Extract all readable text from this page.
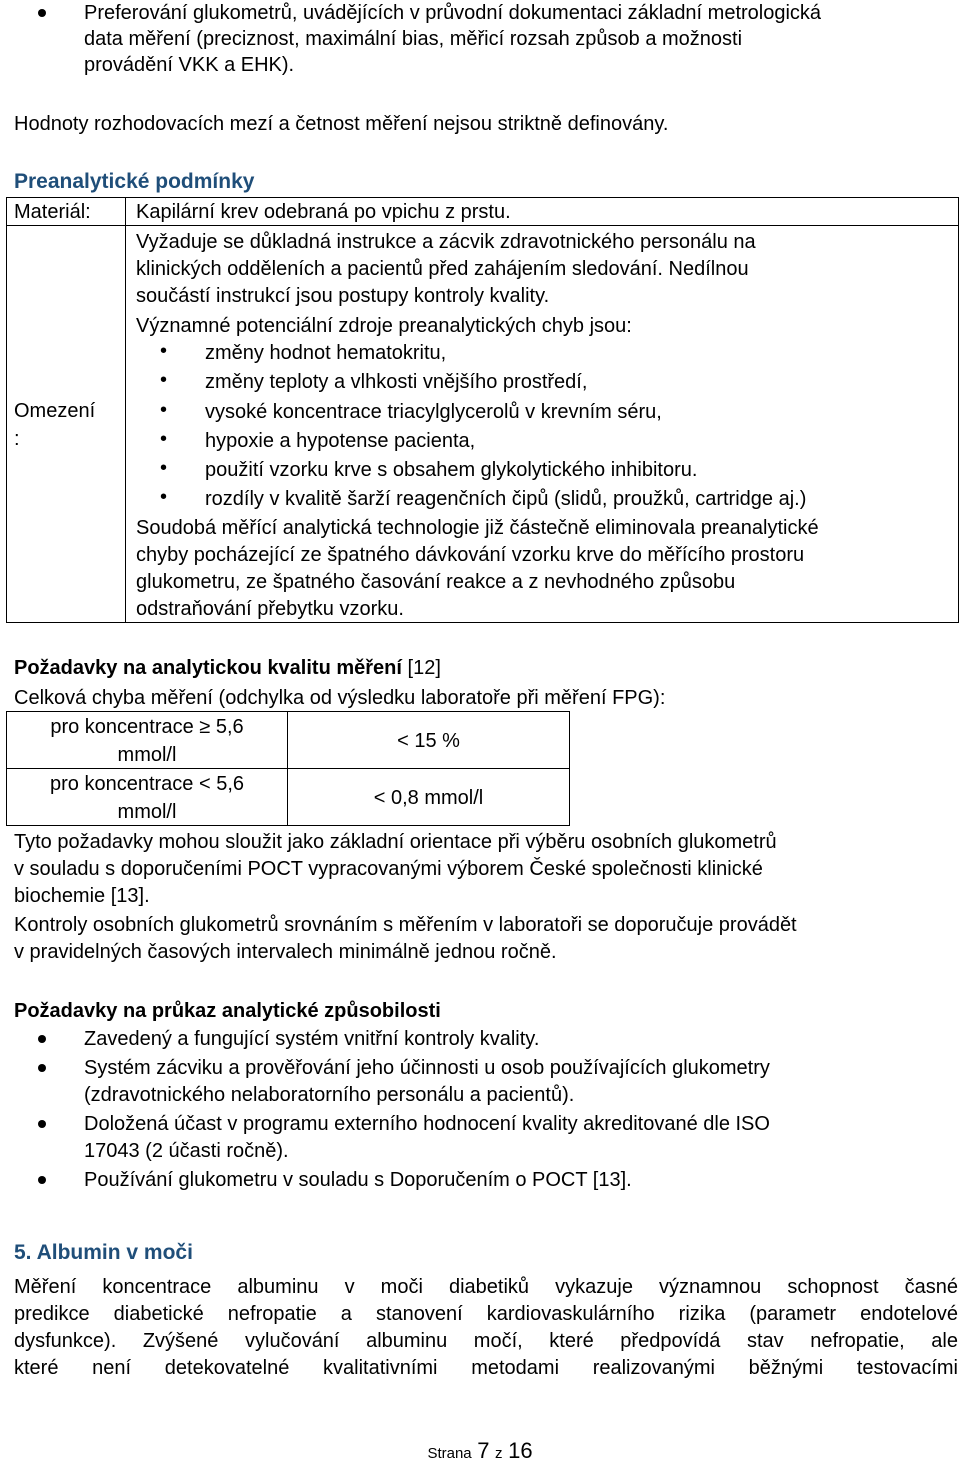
Preferování glukometrů, uvádějících v průvodní dokumentaci základní metrologická
data měření (preciznost, maximální bias, měřicí rozsah způsob a možnosti
provádění VKK a EHK).
Hodnoty rozhodovacích mezí a četnost měření nejsou striktně definovány.
Preanalytické podmínky
Materiál: Kapilární krev odebraná po vpichu z prstu.
Omezení
:
Vyžaduje se důkladná instrukce a zácvik zdravotnického personálu na
klinických odděleních a pacientů před zahájením sledování. Nedílnou
součástí instrukcí jsou postupy kontroly kvality.
Významné potenciální zdroje preanalytických chyb jsou:
• změny hodnot hematokritu,
• změny teploty a vlhkosti vnějšího prostředí,
• vysoké koncentrace triacylglycerolů v krevním séru,
• hypoxie a hypotense pacienta,
• použití vzorku krve s obsahem glykolytického inhibitoru.
• rozdíly v kvalitě šarží reagenčních čipů (slidů, proužků, cartridge aj.)
Soudobá měřící analytická technologie již částečně eliminovala preanalytické
chyby pocházející ze špatného dávkování vzorku krve do měřícího prostoru
glukometru, ze špatného časování reakce a z nevhodného způsobu
odstraňování přebytku vzorku.
Požadavky na analytickou kvalitu měření [12]
Celková chyba měření (odchylka od výsledku laboratoře při měření FPG):
pro koncentrace ≥ 5,6
mmol/l
< 15 %
pro koncentrace < 5,6
mmol/l
< 0,8 mmol/l
Tyto požadavky mohou sloužit jako základní orientace při výběru osobních glukometrů
v souladu s doporučeními POCT vypracovanými výborem České společnosti klinické
biochemie [13].
Kontroly osobních glukometrů srovnáním s měřením v laboratoři se doporučuje provádět
v pravidelných časových intervalech minimálně jednou ročně.
Požadavky na průkaz analytické způsobilosti
Zavedený a fungující systém vnitřní kontroly kvality.
Systém zácviku a prověřování jeho účinnosti u osob používajících glukometry
(zdravotnického nelaboratorního personálu a pacientů).
Doložená účast v programu externího hodnocení kvality akreditované dle ISO
17043 (2 účasti ročně).
Používání glukometru v souladu s Doporučením o POCT [13].
5. Albumin v moči
Měření koncentrace albuminu v moči diabetiků vykazuje významnou schopnost časné
predikce diabetické nefropatie a stanovení kardiovaskulárního rizika (parametr endotelové
dysfunkce). Zvýšené vylučování albuminu močí, které předpovídá stav nefropatie, ale
které není detekovatelné kvalitativními metodami realizovanými běžnými testovacími
Strana 7 z 16
